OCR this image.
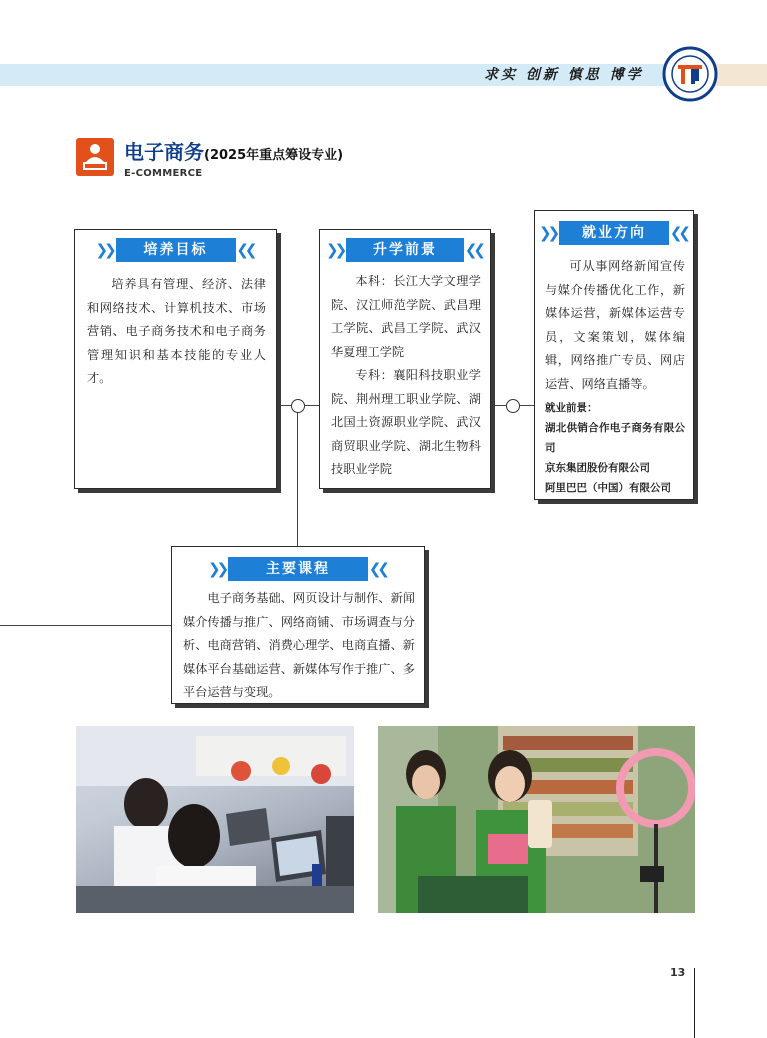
求实 创新 慎思 博学
电子商务(2025年重点筹设专业)
E-COMMERCE
❯❯ 培养目标 ❮❮

培养具有管理、经济、法律和网络技术、计算机技术、市场营销、电子商务技术和电子商务管理知识和基本技能的专业人才。

❯❯ 升学前景 ❮❮

本科：长江大学文理学院、汉江师范学院、武昌理工学院、武昌工学院、武汉华夏理工学院

专科：襄阳科技职业学院、荆州理工职业学院、湖北国土资源职业学院、武汉商贸职业学院、湖北生物科技职业学院

❯❯ 就业方向 ❮❮

可从事网络新闻宣传与媒介传播优化工作，新媒体运营，新媒体运营专员，文案策划，媒体编辑，网络推广专员、网店运营、网络直播等。

就业前景：
湖北供销合作电子商务有限公司
京东集团股份有限公司
阿里巴巴（中国）有限公司
❯❯ 主要课程 ❮❮

电子商务基础、网页设计与制作、新闻媒介传播与推广、网络商铺、市场调查与分析、电商营销、消费心理学、电商直播、新媒体平台基础运营、新媒体写作于推广、多平台运营与变现。

13
